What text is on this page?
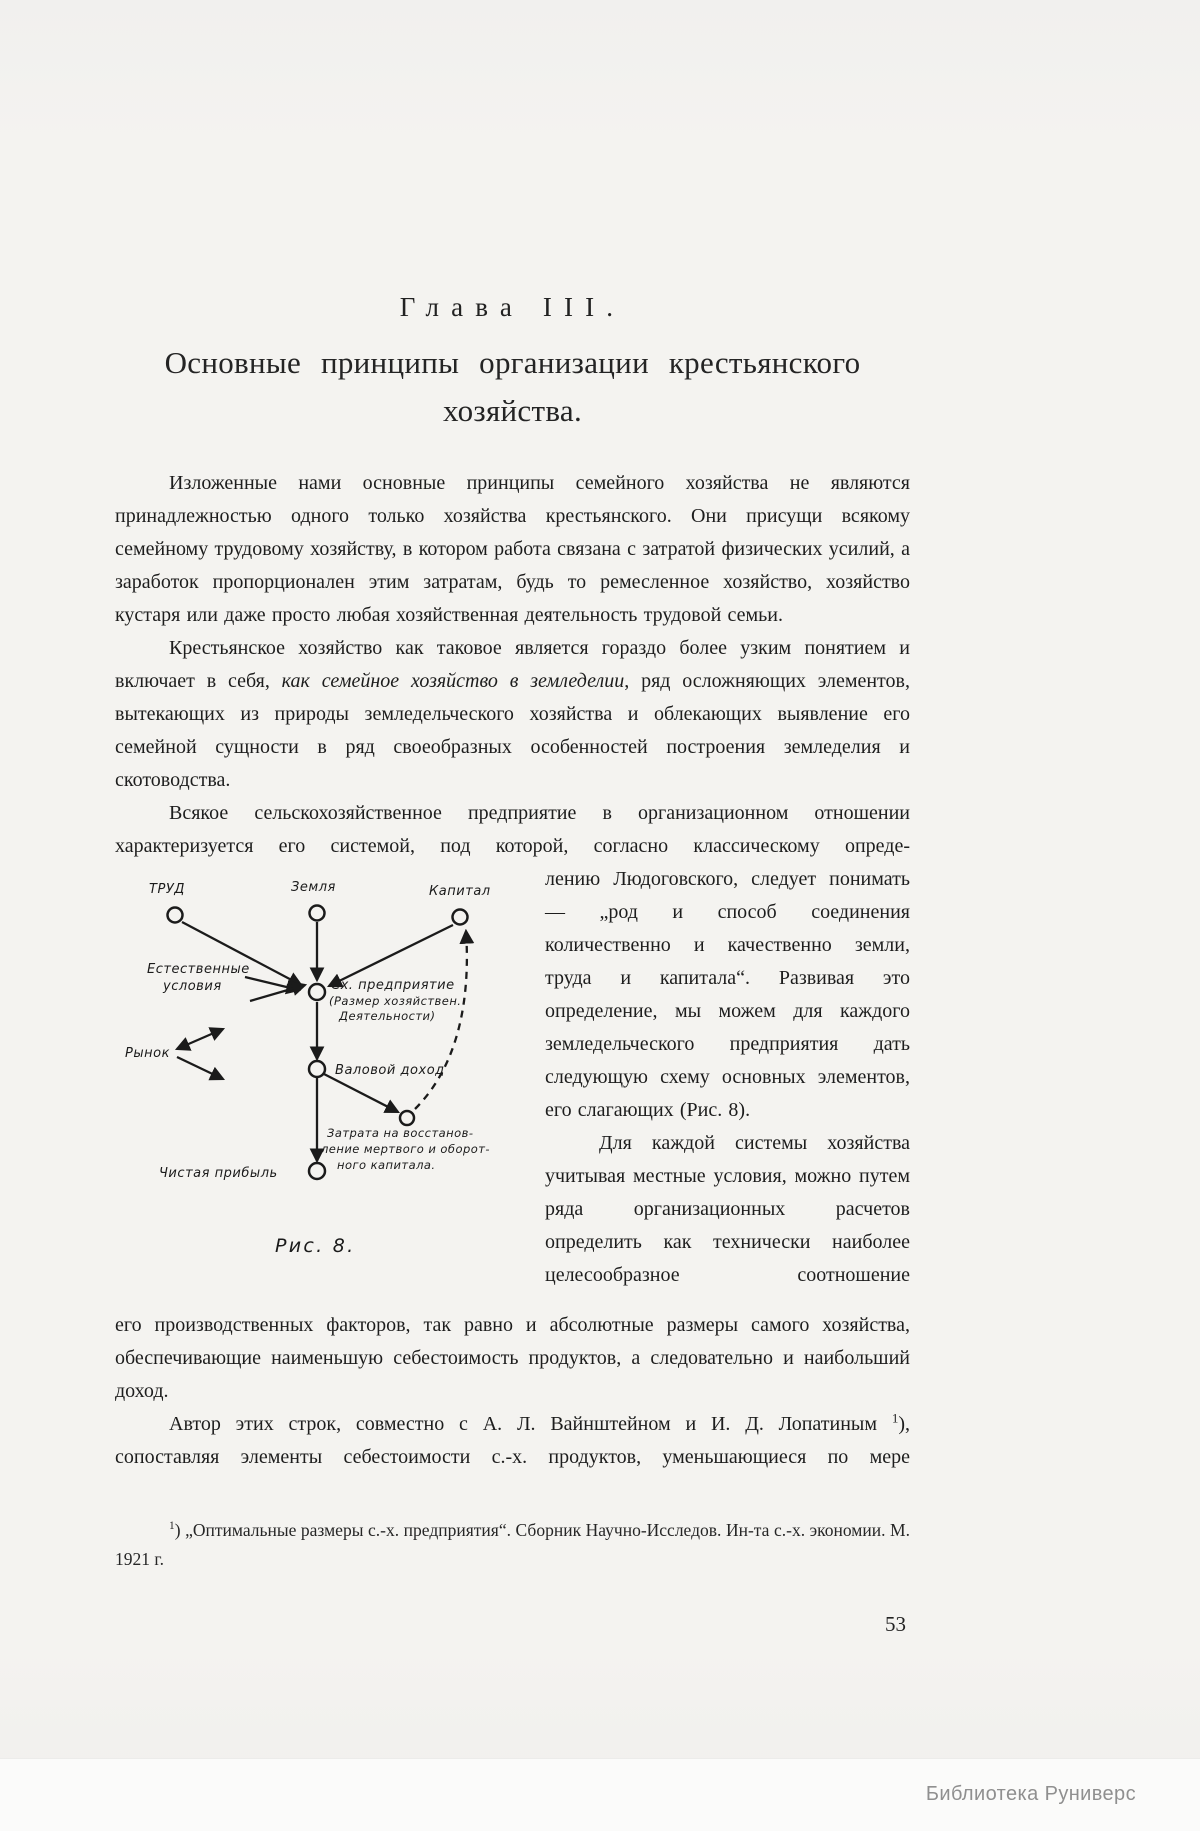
Глава III.
Основные принципы организации крестьянского хозяйства.

Изложенные нами основные принципы семейного хозяйства не являются принадлежностью одного только хозяйства крестьянского. Они присущи всякому семейному трудовому хозяйству, в котором работа связана с затратой физических усилий, а заработок пропорционален этим затратам, будь то ремесленное хозяйство, хозяйство кустаря или даже просто любая хозяйственная деятельность трудовой семьи.

Крестьянское хозяйство как таковое является гораздо более узким понятием и включает в себя, как семейное хозяйство в земледелии, ряд осложняющих элементов, вытекающих из природы земледельческого хозяйства и облекающих выявление его семейной сущности в ряд своеобразных особенностей построения земледелия и скотоводства.

Всякое сельскохозяйственное предприятие в организационном отношении характеризуется его системой, под которой, согласно классическому опреде-

ТРУД	Земля	Капитал
Естественные
условия
Рынок
Сх. предприятие
(Размер хозяйствен.
Деятельности)
Валовой доход
Затрата на восстанов-
ление мертвого и оборот-
ного капитала.
Чистая прибыль
Рис. 8.

лению Людоговского, следует понимать — „род и способ соединения количественно и качественно земли, труда и капитала“. Развивая это определение, мы можем для каждого земледельческого предприятия дать следующую схему основных элементов, его слагающих (Рис. 8).

Для каждой системы хозяйства учитывая местные условия, можно путем ряда организационных расчетов определить как технически наиболее целесообразное соотношение

его производственных факторов, так равно и абсолютные размеры самого хозяйства, обеспечивающие наименьшую себестоимость продуктов, а следовательно и наибольший доход.

Автор этих строк, совместно с А. Л. Вайнштейном и И. Д. Лопатиным $^1$), сопоставляя элементы себестоимости с.-х. продуктов, уменьшающиеся по мере

$^1$) „Оптимальные размеры с.-х. предприятия“. Сборник Научно-Исследов. Ин-та с.-х. экономии. М. 1921 г.

53
Библиотека Руниверс
